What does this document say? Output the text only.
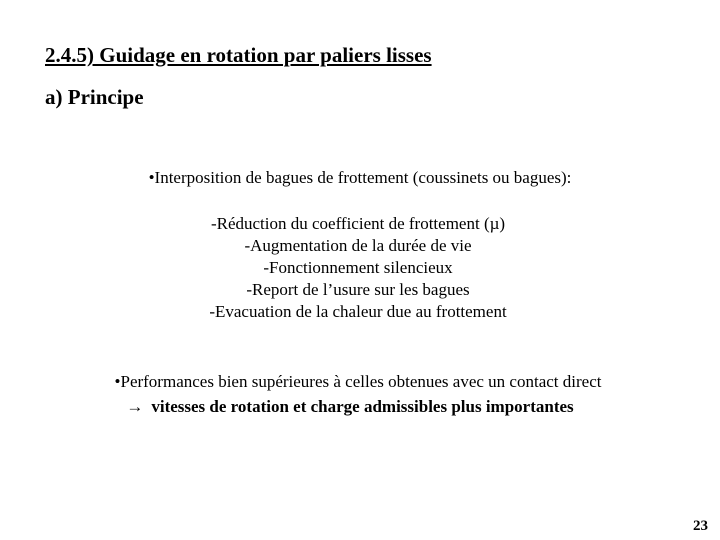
2.4.5) Guidage en rotation par paliers lisses
a) Principe
•Interposition de bagues de frottement (coussinets ou bagues):
-Réduction du coefficient de frottement (µ)
-Augmentation de la durée de vie
-Fonctionnement silencieux
-Report de l’usure sur les bagues
-Evacuation de la chaleur due au frottement
•Performances bien supérieures à celles obtenues avec un contact direct
→ vitesses de rotation et charge admissibles plus importantes
23
